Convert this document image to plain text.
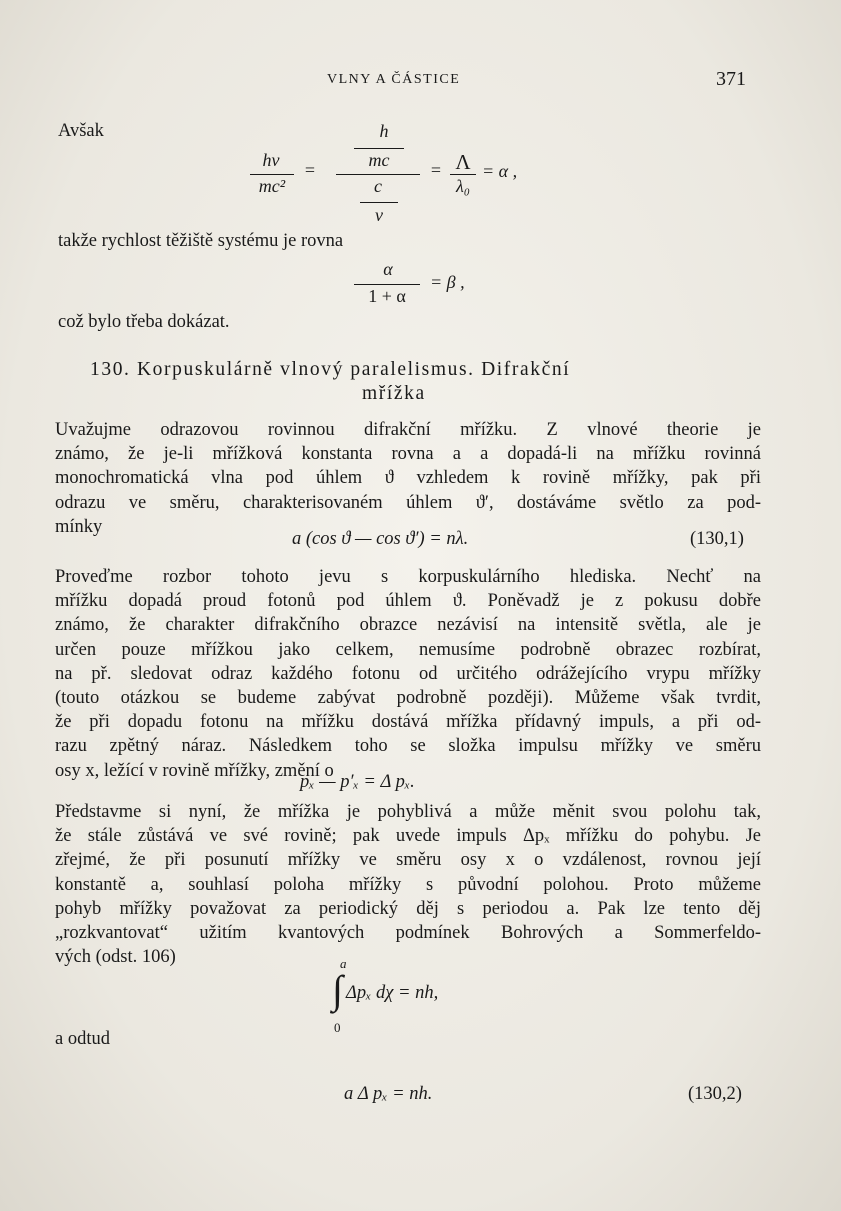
VLNY A ČÁSTICE	371
Avšak	h
hν
mc²
=	mc
c
ν
= Λ
λ₀
= α ,
takže rychlost těžiště systému je rovna
α
1 + α
= β ,
což bylo třeba dokázat.
130. Korpuskulárně vlnový paralelismus. Difrakční
mřížka
Uvažujme odrazovou rovinnou difrakční mřížku. Z vlnové theorie je
známo, že je-li mřížková konstanta rovna a a dopadá-li na mřížku rovinná
monochromatická vlna pod úhlem ϑ vzhledem k rovině mřížky, pak při
odrazu ve směru, charakterisovaném úhlem ϑ′, dostáváme světlo za pod-
mínky
a (cos ϑ — cos ϑ′) = nλ.	(130,1)
Proveďme rozbor tohoto jevu s korpuskulárního hlediska. Nechť na
mřížku dopadá proud fotonů pod úhlem ϑ. Poněvadž je z pokusu dobře
známo, že charakter difrakčního obrazce nezávisí na intensitě světla, ale je
určen pouze mřížkou jako celkem, nemusíme podrobně obrazec rozbírat,
na př. sledovat odraz každého fotonu od určitého odrážejícího vrypu mřížky
(touto otázkou se budeme zabývat podrobně později). Můžeme však tvrdit,
že při dopadu fotonu na mřížku dostává mřížka přídavný impuls, a při od-
razu zpětný náraz. Následkem toho se složka impulsu mřížky ve směru
osy x, ležící v rovině mřížky, změní o
pₓ — p′ₓ = Δ pₓ.
Představme si nyní, že mřížka je pohyblivá a může měnit svou polohu tak,
že stále zůstává ve své rovině; pak uvede impuls Δpₓ mřížku do pohybu. Je
zřejmé, že při posunutí mřížky ve směru osy x o vzdálenost, rovnou její
konstantě a, souhlasí poloha mřížky s původní polohou. Proto můžeme
pohyb mřížky považovat za periodický děj s periodou a. Pak lze tento děj
„rozkvantovat“ užitím kvantových podmínek Bohrových a Sommerfeldo-
vých (odst. 106)	a
∫ Δpₓ dχ = nh,
0
a odtud
a Δ pₓ = nh.	(130,2)
